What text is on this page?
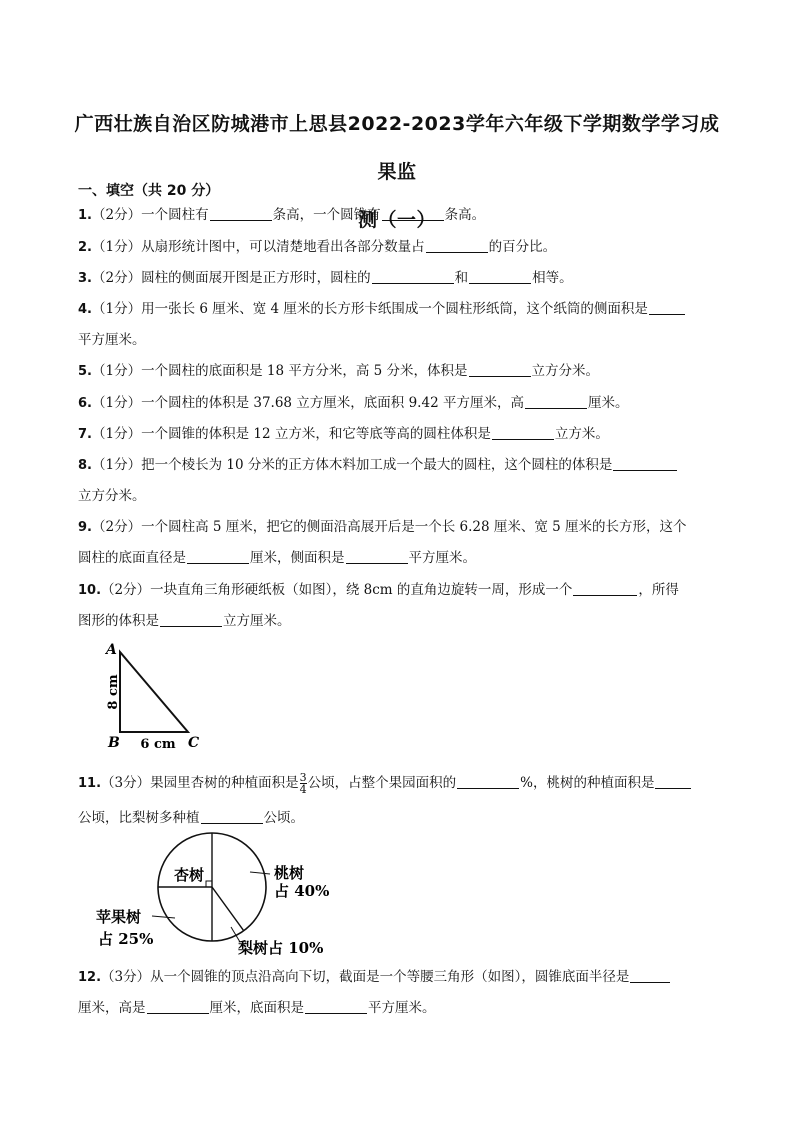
广西壮族自治区防城港市上思县2022-2023学年六年级下学期数学学习成果监
测（一）
一、填空（共 20 分）
1.（2分）一个圆柱有	条高，一个圆锥有	条高。
2.（1分）从扇形统计图中，可以清楚地看出各部分数量占	的百分比。
3.（2分）圆柱的侧面展开图是正方形时，圆柱的	和	相等。
4.（1分）用一张长 6 厘米、宽 4 厘米的长方形卡纸围成一个圆柱形纸筒，这个纸筒的侧面积是
平方厘米。
5.（1分）一个圆柱的底面积是 18 平方分米，高 5 分米，体积是	立方分米。
6.（1分）一个圆柱的体积是 37.68 立方厘米，底面积 9.42 平方厘米，高	厘米。
7.（1分）一个圆锥的体积是 12 立方米，和它等底等高的圆柱体积是	立方米。
8.（1分）把一个棱长为 10 分米的正方体木料加工成一个最大的圆柱，这个圆柱的体积是
立方分米。
9.（2分）一个圆柱高 5 厘米，把它的侧面沿高展开后是一个长 6.28 厘米、宽 5 厘米的长方形，这个
圆柱的底面直径是	厘米，侧面积是	平方厘米。
10.（2分）一块直角三角形硬纸板（如图），绕 8cm 的直角边旋转一周，形成一个	，所得
图形的体积是	立方厘米。
A
B	C
8 cm
6 cm
11.（3分）果园里杏树的种植面积是 $\frac{3}{4}$ 公顷，占整个果园面积的	%，桃树的种植面积是
公顷，比梨树多种植	公顷。
杏树	桃树
占 40%
苹果树
占 25%	梨树占 10%
12.（3分）从一个圆锥的顶点沿高向下切，截面是一个等腰三角形（如图），圆锥底面半径是
厘米，高是	厘米，底面积是	平方厘米。
